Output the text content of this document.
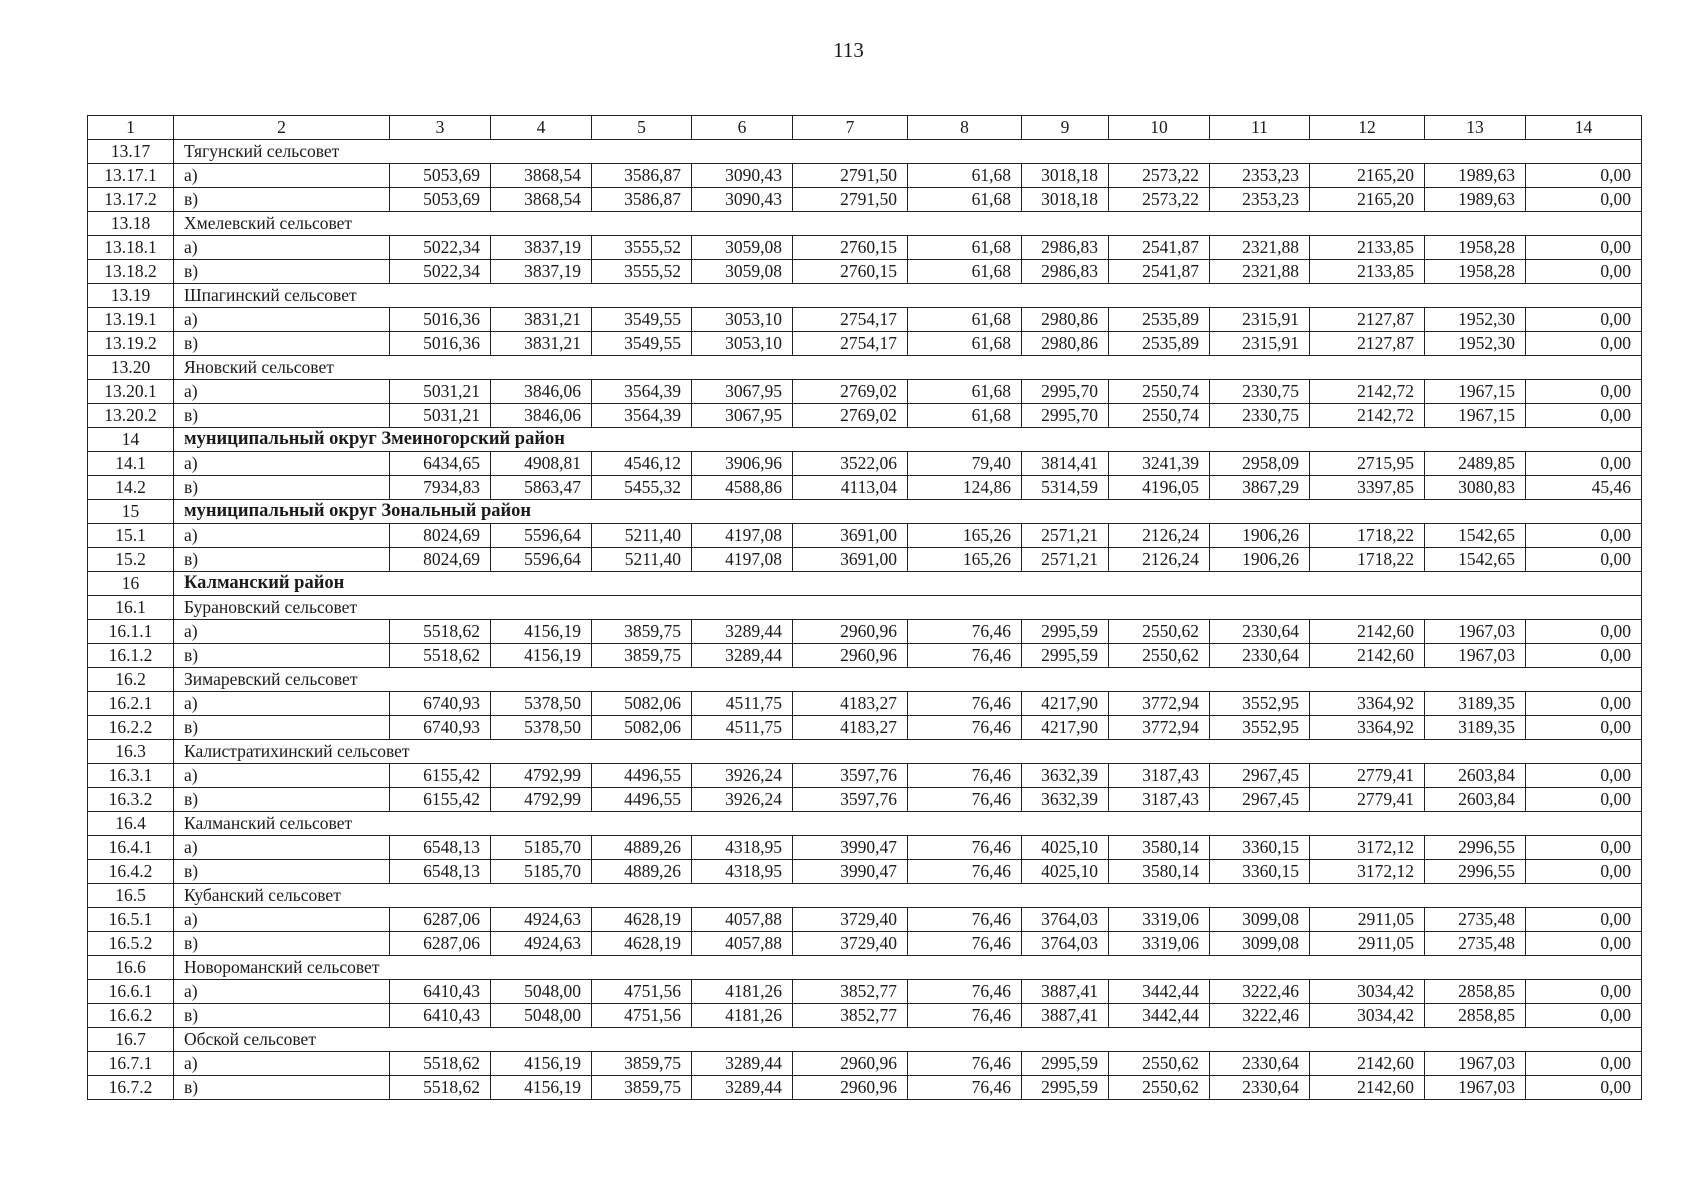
113
1	2	3	4	5	6	7	8	9	10	11	12	13	14
13.17	Тягунский сельсовет												
13.17.1	а)	5053,69	3868,54	3586,87	3090,43	2791,50	61,68	3018,18	2573,22	2353,23	2165,20	1989,63	0,00
13.17.2	в)	5053,69	3868,54	3586,87	3090,43	2791,50	61,68	3018,18	2573,22	2353,23	2165,20	1989,63	0,00
13.18	Хмелевский сельсовет												
13.18.1	а)	5022,34	3837,19	3555,52	3059,08	2760,15	61,68	2986,83	2541,87	2321,88	2133,85	1958,28	0,00
13.18.2	в)	5022,34	3837,19	3555,52	3059,08	2760,15	61,68	2986,83	2541,87	2321,88	2133,85	1958,28	0,00
13.19	Шпагинский сельсовет												
13.19.1	а)	5016,36	3831,21	3549,55	3053,10	2754,17	61,68	2980,86	2535,89	2315,91	2127,87	1952,30	0,00
13.19.2	в)	5016,36	3831,21	3549,55	3053,10	2754,17	61,68	2980,86	2535,89	2315,91	2127,87	1952,30	0,00
13.20	Яновский сельсовет												
13.20.1	а)	5031,21	3846,06	3564,39	3067,95	2769,02	61,68	2995,70	2550,74	2330,75	2142,72	1967,15	0,00
13.20.2	в)	5031,21	3846,06	3564,39	3067,95	2769,02	61,68	2995,70	2550,74	2330,75	2142,72	1967,15	0,00
14	муниципальный округ Змеиногорский район												
14.1	а)	6434,65	4908,81	4546,12	3906,96	3522,06	79,40	3814,41	3241,39	2958,09	2715,95	2489,85	0,00
14.2	в)	7934,83	5863,47	5455,32	4588,86	4113,04	124,86	5314,59	4196,05	3867,29	3397,85	3080,83	45,46
15	муниципальный округ Зональный район												
15.1	а)	8024,69	5596,64	5211,40	4197,08	3691,00	165,26	2571,21	2126,24	1906,26	1718,22	1542,65	0,00
15.2	в)	8024,69	5596,64	5211,40	4197,08	3691,00	165,26	2571,21	2126,24	1906,26	1718,22	1542,65	0,00
16	Калманский район												
16.1	Бурановский сельсовет												
16.1.1	а)	5518,62	4156,19	3859,75	3289,44	2960,96	76,46	2995,59	2550,62	2330,64	2142,60	1967,03	0,00
16.1.2	в)	5518,62	4156,19	3859,75	3289,44	2960,96	76,46	2995,59	2550,62	2330,64	2142,60	1967,03	0,00
16.2	Зимаревский сельсовет												
16.2.1	а)	6740,93	5378,50	5082,06	4511,75	4183,27	76,46	4217,90	3772,94	3552,95	3364,92	3189,35	0,00
16.2.2	в)	6740,93	5378,50	5082,06	4511,75	4183,27	76,46	4217,90	3772,94	3552,95	3364,92	3189,35	0,00
16.3	Калистратихинский сельсовет												
16.3.1	а)	6155,42	4792,99	4496,55	3926,24	3597,76	76,46	3632,39	3187,43	2967,45	2779,41	2603,84	0,00
16.3.2	в)	6155,42	4792,99	4496,55	3926,24	3597,76	76,46	3632,39	3187,43	2967,45	2779,41	2603,84	0,00
16.4	Калманский сельсовет												
16.4.1	а)	6548,13	5185,70	4889,26	4318,95	3990,47	76,46	4025,10	3580,14	3360,15	3172,12	2996,55	0,00
16.4.2	в)	6548,13	5185,70	4889,26	4318,95	3990,47	76,46	4025,10	3580,14	3360,15	3172,12	2996,55	0,00
16.5	Кубанский сельсовет												
16.5.1	а)	6287,06	4924,63	4628,19	4057,88	3729,40	76,46	3764,03	3319,06	3099,08	2911,05	2735,48	0,00
16.5.2	в)	6287,06	4924,63	4628,19	4057,88	3729,40	76,46	3764,03	3319,06	3099,08	2911,05	2735,48	0,00
16.6	Новороманский сельсовет												
16.6.1	а)	6410,43	5048,00	4751,56	4181,26	3852,77	76,46	3887,41	3442,44	3222,46	3034,42	2858,85	0,00
16.6.2	в)	6410,43	5048,00	4751,56	4181,26	3852,77	76,46	3887,41	3442,44	3222,46	3034,42	2858,85	0,00
16.7	Обской сельсовет												
16.7.1	а)	5518,62	4156,19	3859,75	3289,44	2960,96	76,46	2995,59	2550,62	2330,64	2142,60	1967,03	0,00
16.7.2	в)	5518,62	4156,19	3859,75	3289,44	2960,96	76,46	2995,59	2550,62	2330,64	2142,60	1967,03	0,00
